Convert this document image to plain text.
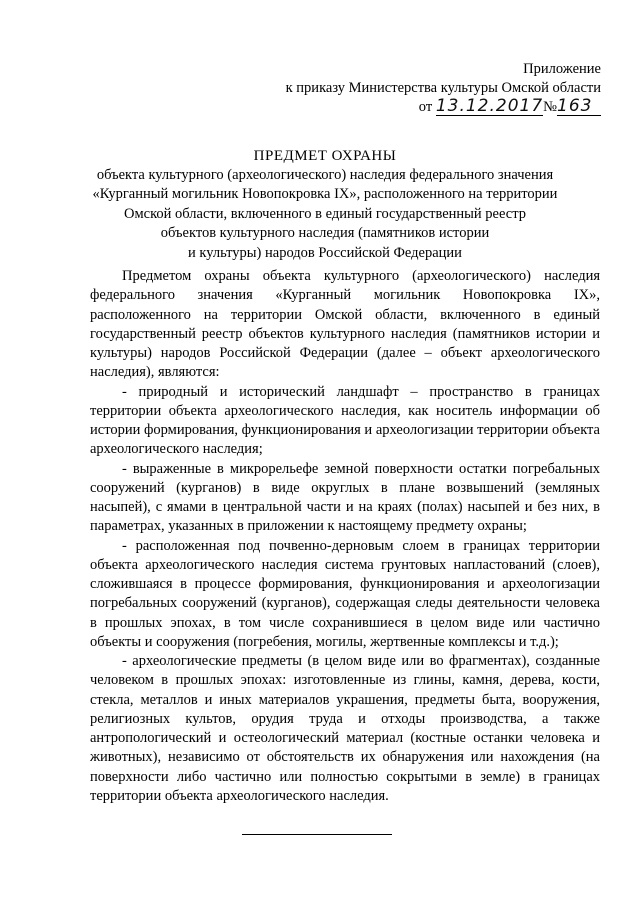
Приложение
к приказу Министерства культуры Омской области
от 13.12.2017№163
ПРЕДМЕТ ОХРАНЫ
объекта культурного (археологического) наследия федерального значения
«Курганный могильник Новопокровка IX», расположенного на территории
Омской области, включенного в единый государственный реестр
объектов культурного наследия (памятников истории
и культуры) народов Российской Федерации

Предметом охраны объекта культурного (археологического) наследия федерального значения «Курганный могильник Новопокровка IX», расположенного на территории Омской области, включенного в единый государственный реестр объектов культурного наследия (памятников истории и культуры) народов Российской Федерации (далее – объект археологического наследия), являются:

- природный и исторический ландшафт – пространство в границах территории объекта археологического наследия, как носитель информации об истории формирования, функционирования и археологизации территории объекта археологического наследия;

- выраженные в микрорельефе земной поверхности остатки погребальных сооружений (курганов) в виде округлых в плане возвышений (земляных насыпей), с ямами в центральной части и на краях (полах) насыпей и без них, в параметрах, указанных в приложении к настоящему предмету охраны;

- расположенная под почвенно-дерновым слоем в границах территории объекта археологического наследия система грунтовых напластований (слоев), сложившаяся в процессе формирования, функционирования и археологизации погребальных сооружений (курганов), содержащая следы деятельности человека в прошлых эпохах, в том числе сохранившиеся в целом виде или частично объекты и сооружения (погребения, могилы, жертвенные комплексы и т.д.);

- археологические предметы (в целом виде или во фрагментах), созданные человеком в прошлых эпохах: изготовленные из глины, камня, дерева, кости, стекла, металлов и иных материалов украшения, предметы быта, вооружения, религиозных культов, орудия труда и отходы производства, а также антропологический и остеологический материал (костные останки человека и животных), независимо от обстоятельств их обнаружения или нахождения (на поверхности либо частично или полностью сокрытыми в земле) в границах территории объекта археологического наследия.
